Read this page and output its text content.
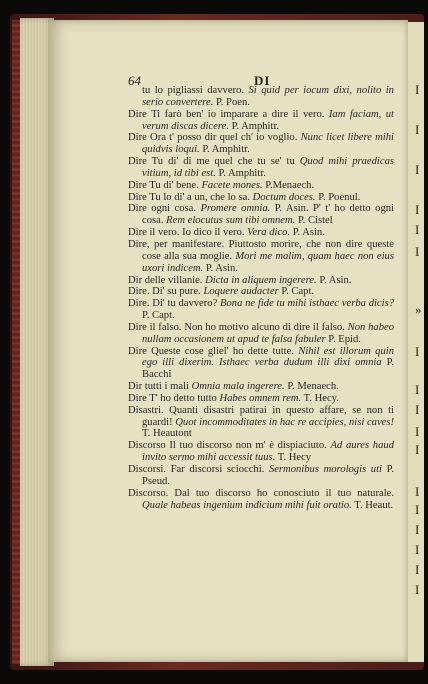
I
I
I
I
I
I
»
I
I
I
I
I
I
I
I
I
I
I
64	DI
tu lo pigliassi davvero. Si quid per iocum dixi, nolito in serio convertere. P. Poen.
Dire Ti farò ben' io imparare a dire il vero. Iam faciam, ut verum discas dicere. P. Amphitr.
Dire Ora t' posso dir quel ch' io voglio. Nunc licet libere mihi quidvis loqui. P. Amphitr.
Dire Tu di' di me quel che tu se' tu Quod mihi praedicas vitium, id tibi est. P. Amphitr.
Dire Tu di' bene. Facete mones. P.Menaech.
Dire Tu lo di' a un, che lo sa. Doctum doces. P. Poenul.
Dire ogni cosa. Promere omnia. P. Asin. P' t' ho detto ogni cosa. Rem elocutus sum tibi omnem. P. Cistel
Dire il vero. Io dico il vero. Vera dico. P. Asin.
Dire, per manifestare. Piuttosto morire, che non dire queste cose alla sua moglie. Mori me malim, quam haec non eius uxori indicem. P. Asin.
Dir delle villanie. Dicta in aliquem ingerere. P. Asin.
Dire. Di' su pure. Loquere audacter P. Capt.
Dire. Di' tu davvero? Bona ne fide tu mihi isthaec verba dicis? P. Capt.
Dire il falso. Non ho motivo alcuno di dire il falso. Non habeo nullam occasionem ut apud te falsa fabuler P. Epid.
Dire Queste cose gliel' ho dette tutte. Nihil est illorum quin ego illi dixerim. Isthaec verba dudum illi dixi omnia P. Bacchi
Dir tutti i mali Omnia mala ingerere. P. Menaech.
Dire T' ho detto tutto Habes omnem rem. T. Hecy.
Disastri. Quanti disastri patirai in questo affare, se non ti guardi! Quot incommoditates in hac re accipies, nisi caves! T. Heautont
Discorso Il tuo discorso non m' è dispiaciuto. Ad aures haud invito sermo mihi accessit tuus. T. Hecy
Discorsi. Far discorsi sciocchi. Sermonibus morologis uti P. Pseud.
Discorso. Dal tuo discorso ho conosciuto il tuo naturale. Quale habeas ingenium indicium mihi fuit oratio. T. Heaut.
